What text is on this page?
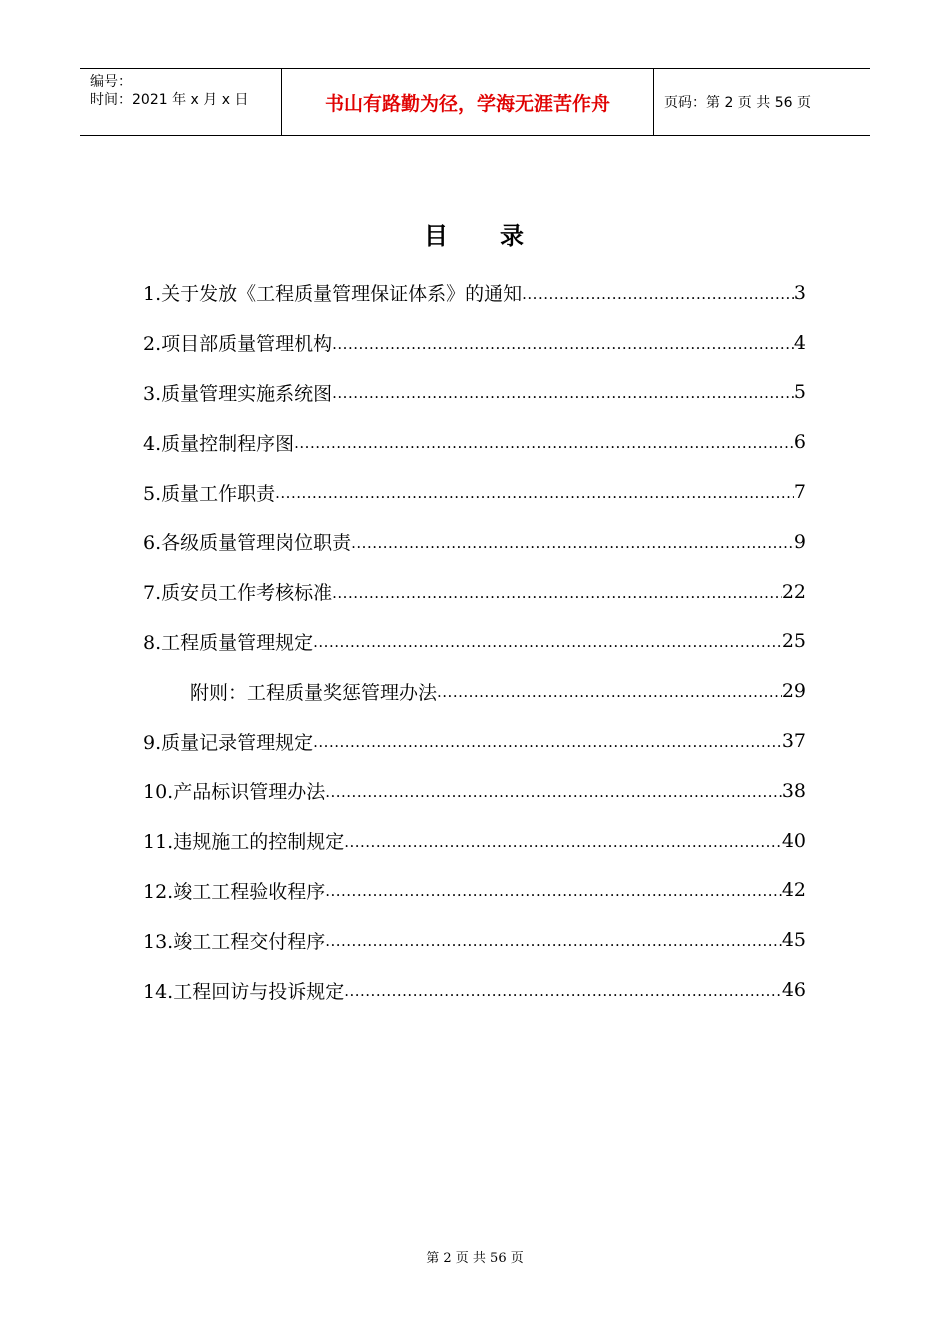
编号：
时间：2021 年 x 月 x 日	书山有路勤为径，学海无涯苦作舟	页码：第 2 页 共 56 页
目 录
1.关于发放《工程质量管理保证体系》的通知 .....	3
2.项目部质量管理机构 .....	4
3.质量管理实施系统图 .....	5
4.质量控制程序图 .....	6
5.质量工作职责 .....	7
6.各级质量管理岗位职责 .....	9
7.质安员工作考核标准 .....	22
8.工程质量管理规定 .....	25
附则：工程质量奖惩管理办法 .....	29
9.质量记录管理规定 .....	37
10.产品标识管理办法 .....	38
11.违规施工的控制规定 .....	40
12.竣工工程验收程序 .....	42
13.竣工工程交付程序 .....	45
14.工程回访与投诉规定 .....	46
第 2 页 共 56 页
